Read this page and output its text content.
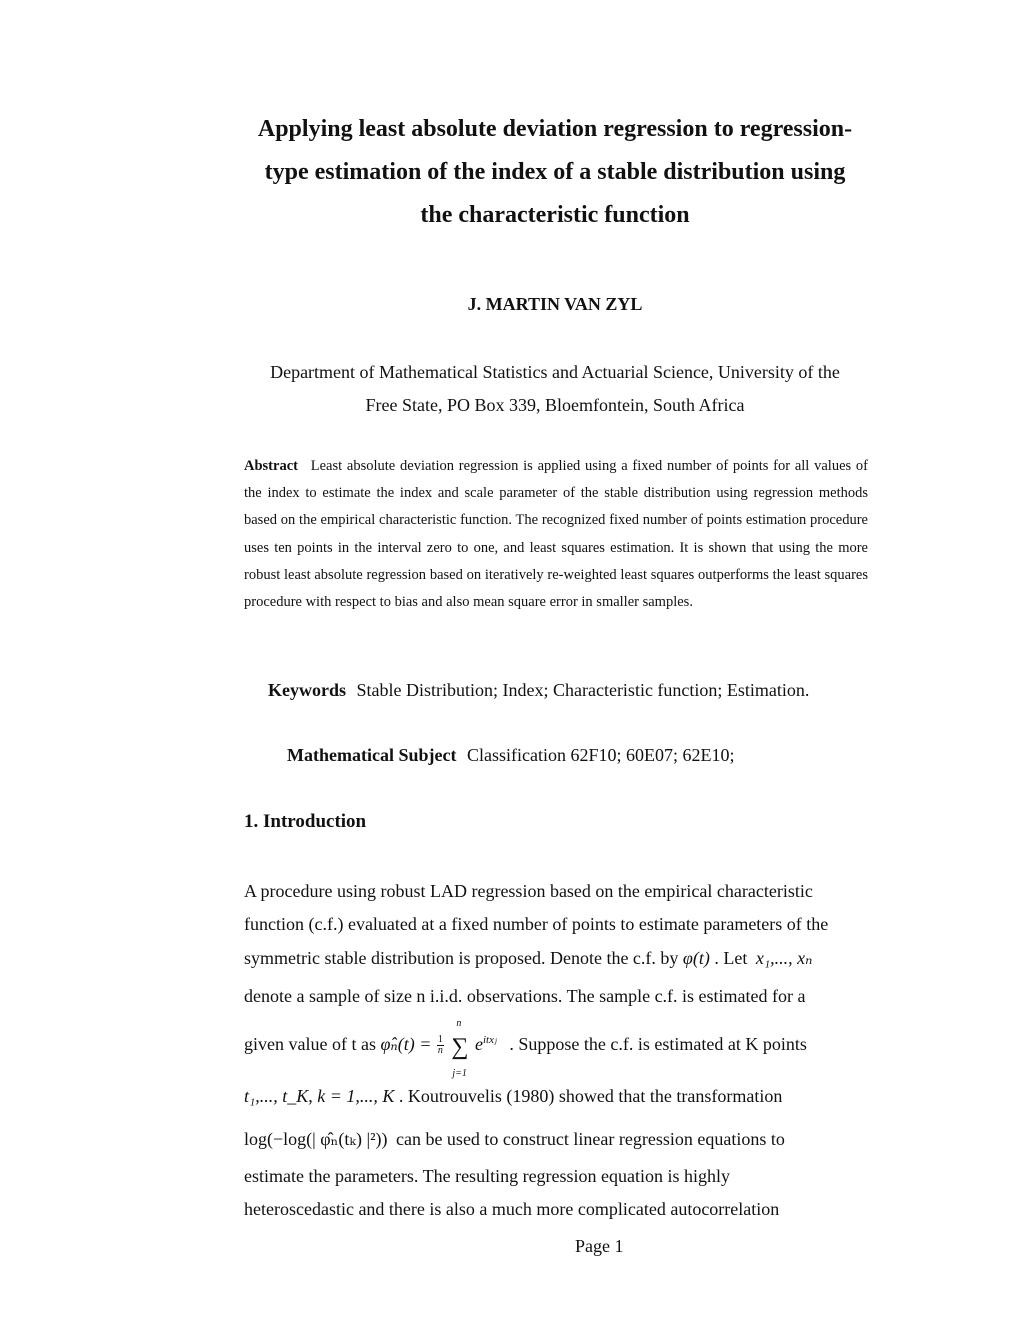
Applying least absolute deviation regression to regression-
type estimation of the index of a stable distribution using
the characteristic function
J. MARTIN VAN ZYL
Department of Mathematical Statistics and Actuarial Science, University of the
Free State, PO Box 339, Bloemfontein, South Africa
Abstract Least absolute deviation regression is applied using a fixed number of points for all values of the index to estimate the index and scale parameter of the stable distribution using regression methods based on the empirical characteristic function. The recognized fixed number of points estimation procedure uses ten points in the interval zero to one, and least squares estimation. It is shown that using the more robust least absolute regression based on iteratively re-weighted least squares outperforms the least squares procedure with respect to bias and also mean square error in smaller samples.
Keywords Stable Distribution; Index; Characteristic function; Estimation.
Mathematical Subject Classification 62F10; 60E07; 62E10;
1. Introduction
A procedure using robust LAD regression based on the empirical characteristic
function (c.f.) evaluated at a fixed number of points to estimate parameters of the
symmetric stable distribution is proposed. Denote the c.f. by φ(t) . Let x₁,..., xₙ
denote a sample of size n i.i.d. observations. The sample c.f. is estimated for a
given value of t as φ̂ₙ(t) = $\frac{1}{n}$ ∑
n
j=1
$e^{itxⱼ}$ . Suppose the c.f. is estimated at K points
t₁,..., t_K, k = 1,..., K . Koutrouvelis (1980) showed that the transformation
log(−log(| φ̂ₙ(tₖ) |²)) can be used to construct linear regression equations to
estimate the parameters. The resulting regression equation is highly
heteroscedastic and there is also a much more complicated autocorrelation
Page 1
